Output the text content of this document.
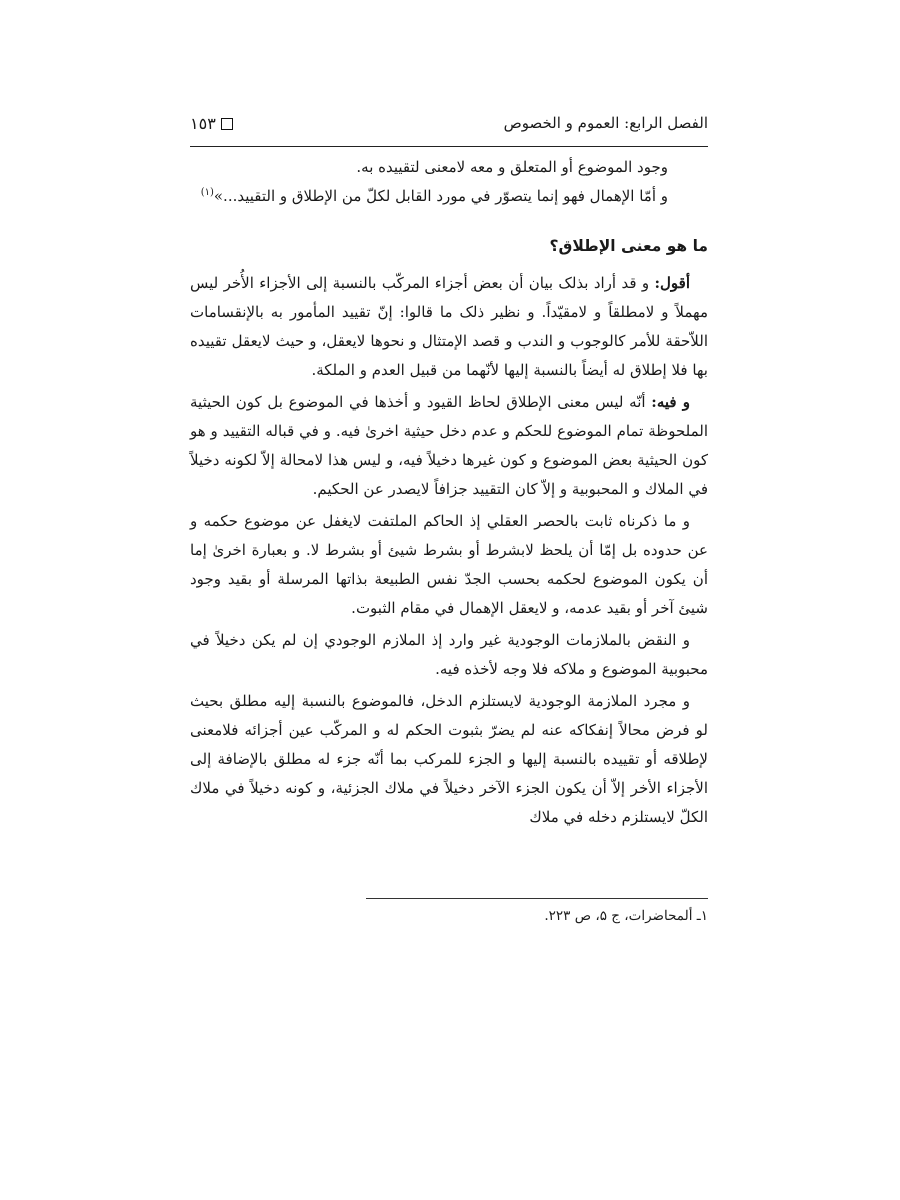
١٥٣	الفصل الرابع: العموم و الخصوص

وجود الموضوع أو المتعلق و معه لامعنى لتقييده به.

و أمّا الإهمال فهو إنما يتصوّر في مورد القابل لكلّ من الإطلاق و التقييد...»$^{(١)}$

ما هو معنى الإطلاق؟

أقول: و قد أراد بذلک بيان أن بعض أجزاء المركّب بالنسبة إلى الأجزاء الأُخر ليس مهملاً و لامطلقاً و لامقيّداً. و نظير ذلک ما قالوا: إنّ تقييد المأمور به بالإنقسامات اللاّحقة للأمر کالوجوب و الندب و قصد الإمتثال و نحوها لايعقل، و حيث لايعقل تقييده بها فلا إطلاق له أيضاً بالنسبة إليها لأنّهما من قبيل العدم و الملکة.

و فيه: أنّه ليس معنى الإطلاق لحاظ القيود و أخذها في الموضوع بل كون الحيثية الملحوظة تمام الموضوع للحكم و عدم دخل حيثية اخرىٰ فيه. و في قباله التقييد و هو كون الحيثية بعض الموضوع و كون غيرها دخيلاً فيه، و ليس هذا لامحالة إلاّ لكونه دخيلاً في الملاك و المحبوبية و إلاّ كان التقييد جزافاً لايصدر عن الحكيم.

و ما ذكرناه ثابت بالحصر العقلي إذ الحاكم الملتفت لايغفل عن موضوع حكمه و عن حدوده بل إمّا أن يلحظ لابشرط أو بشرط شيئ أو بشرط لا. و بعبارة اخرىٰ إما أن يكون الموضوع لحكمه بحسب الجدّ نفس الطبيعة بذاتها المرسلة أو بقيد وجود شيئ آخر أو بقيد عدمه، و لايعقل الإهمال في مقام الثبوت.

و النقض بالملازمات الوجودية غير وارد إذ الملازم الوجودي إن لم يكن دخيلاً في محبوبية الموضوع و ملاكه فلا وجه لأخذه فيه.

و مجرد الملازمة الوجودية لايستلزم الدخل، فالموضوع بالنسبة إليه مطلق بحيث لو فرض محالاً إنفكاكه عنه لم يضرّ بثبوت الحكم له و المركّب عين أجزائه فلامعنى لإطلاقه أو تقييده بالنسبة إليها و الجزء للمركب بما أنّه جزء له مطلق بالإضافة إلى الأجزاء الأخر إلاّ أن يكون الجزء الآخر دخيلاً في ملاك الجزئية، و كونه دخيلاً في ملاك الكلّ لايستلزم دخله في ملاك

١ـ ألمحاضرات، ج ۵، ص ٢٢٣.
